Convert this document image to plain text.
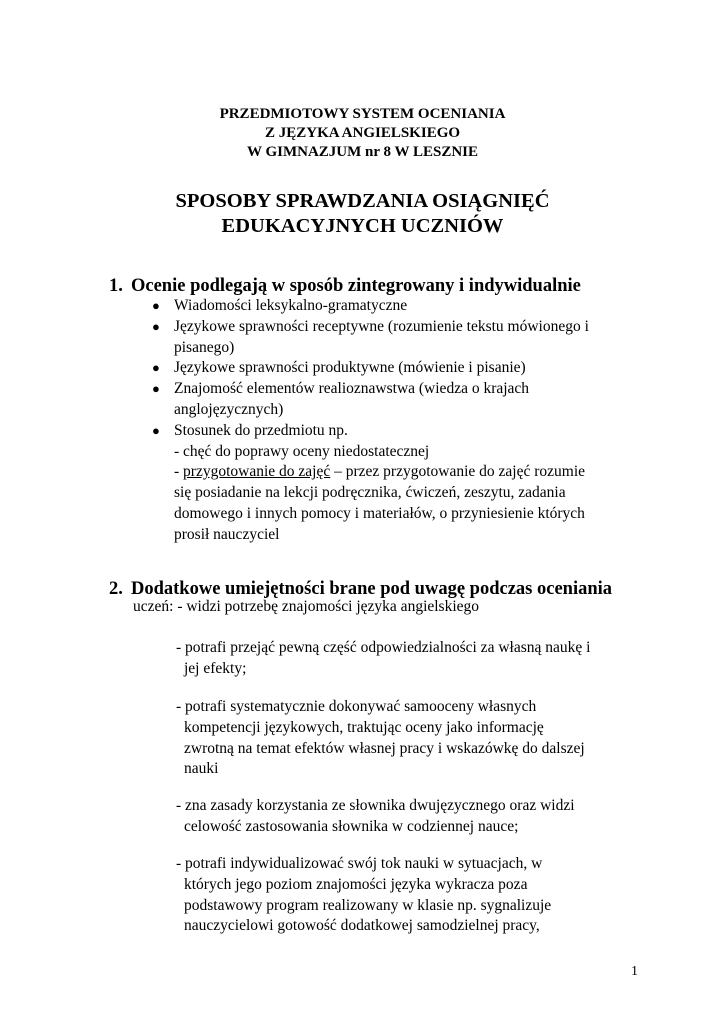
PRZEDMIOTOWY SYSTEM OCENIANIA
Z JĘZYKA ANGIELSKIEGO
W GIMNAZJUM nr 8 W LESZNIE
SPOSOBY SPRAWDZANIA OSIĄGNIĘĆ
EDUKACYJNYCH UCZNIÓW
1. Ocenie podlegają w sposób zintegrowany i indywidualnie
● Wiadomości leksykalno-gramatyczne
● Językowe sprawności receptywne (rozumienie tekstu mówionego i
pisanego)
● Językowe sprawności produktywne (mówienie i pisanie)
● Znajomość elementów realioznawstwa (wiedza o krajach
anglojęzycznych)
● Stosunek do przedmiotu np.
- chęć do poprawy oceny niedostatecznej
- przygotowanie do zajęć – przez przygotowanie do zajęć rozumie
się posiadanie na lekcji podręcznika, ćwiczeń, zeszytu, zadania
domowego i innych pomocy i materiałów, o przyniesienie których
prosił nauczyciel
2. Dodatkowe umiejętności brane pod uwagę podczas oceniania
uczeń: - widzi potrzebę znajomości języka angielskiego
- potrafi przejąć pewną część odpowiedzialności za własną naukę i
jej efekty;
- potrafi systematycznie dokonywać samooceny własnych
kompetencji językowych, traktując oceny jako informację
zwrotną na temat efektów własnej pracy i wskazówkę do dalszej
nauki
- zna zasady korzystania ze słownika dwujęzycznego oraz widzi
celowość zastosowania słownika w codziennej nauce;
- potrafi indywidualizować swój tok nauki w sytuacjach, w
których jego poziom znajomości języka wykracza poza
podstawowy program realizowany w klasie np. sygnalizuje
nauczycielowi gotowość dodatkowej samodzielnej pracy,
1
